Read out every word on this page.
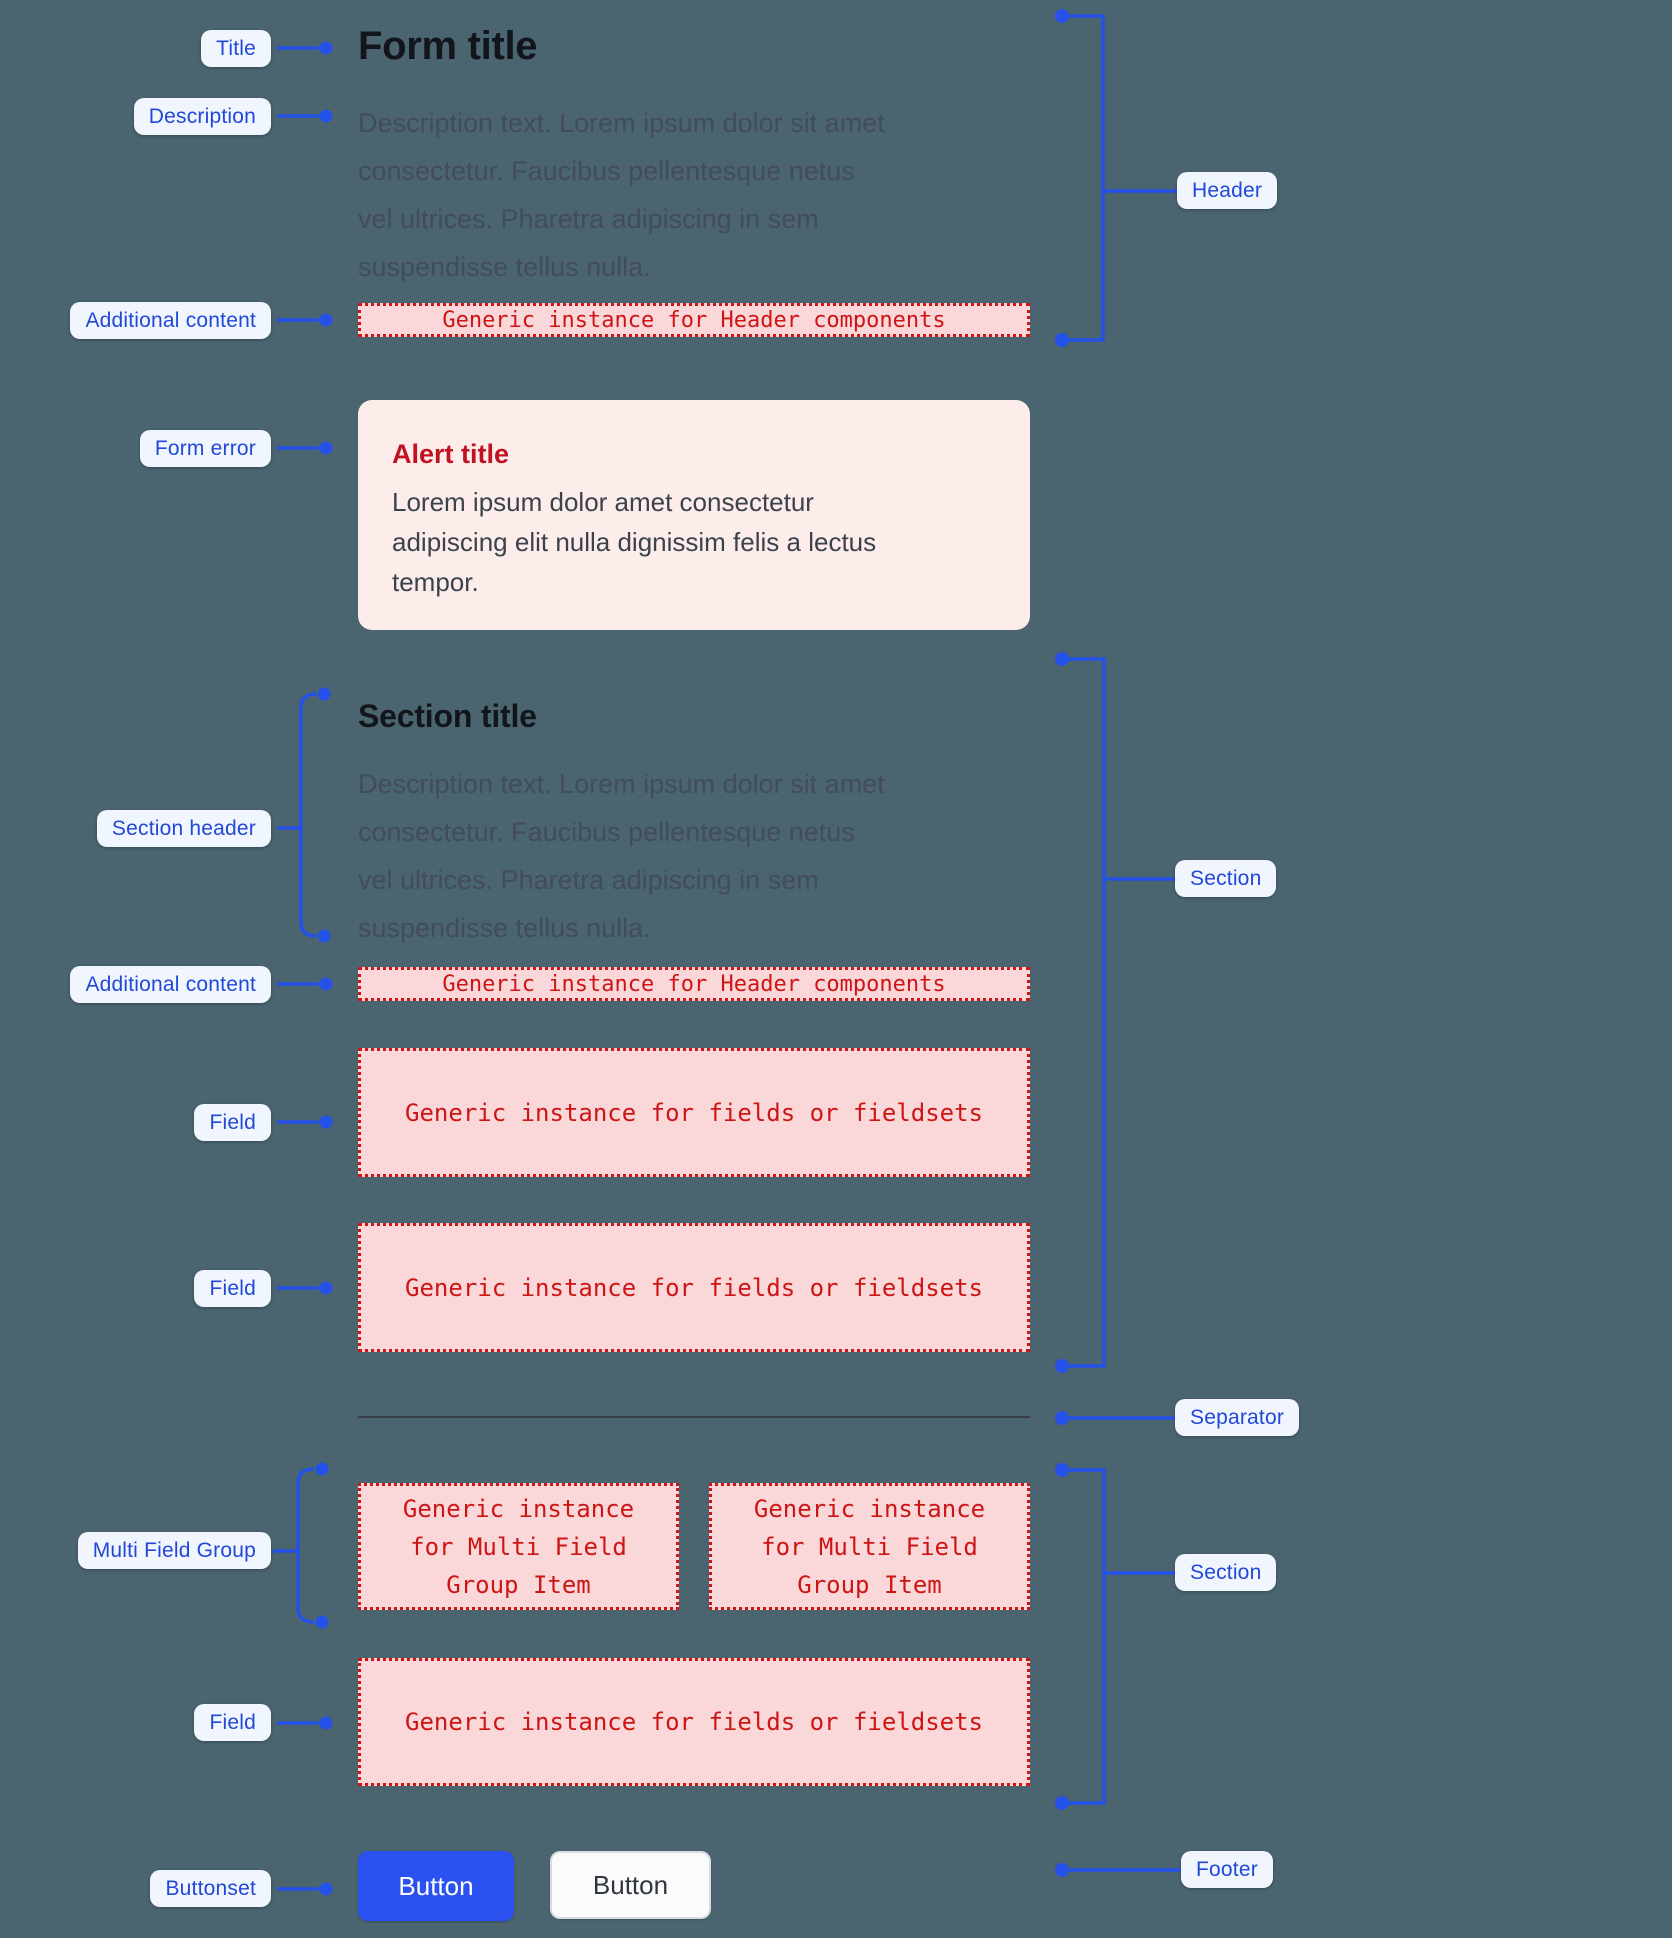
Title
Description
Additional content
Form error
Section header
Additional content
Field
Field
Multi Field Group
Field
Buttonset
Header
Section
Separator
Section
Footer
Form title
Description text. Lorem ipsum dolor sit amet
consectetur. Faucibus pellentesque netus
vel ultrices. Pharetra adipiscing in sem
suspendisse tellus nulla.
Generic instance for Header components
Alert title
Lorem ipsum dolor amet consectetur
adipiscing elit nulla dignissim felis a lectus
tempor.
Section title
Description text. Lorem ipsum dolor sit amet
consectetur. Faucibus pellentesque netus
vel ultrices. Pharetra adipiscing in sem
suspendisse tellus nulla.
Generic instance for Header components
Generic instance for fields or fieldsets
Generic instance for fields or fieldsets
Generic instance
for Multi Field
Group Item
Generic instance
for Multi Field
Group Item
Generic instance for fields or fieldsets
Button	Button
